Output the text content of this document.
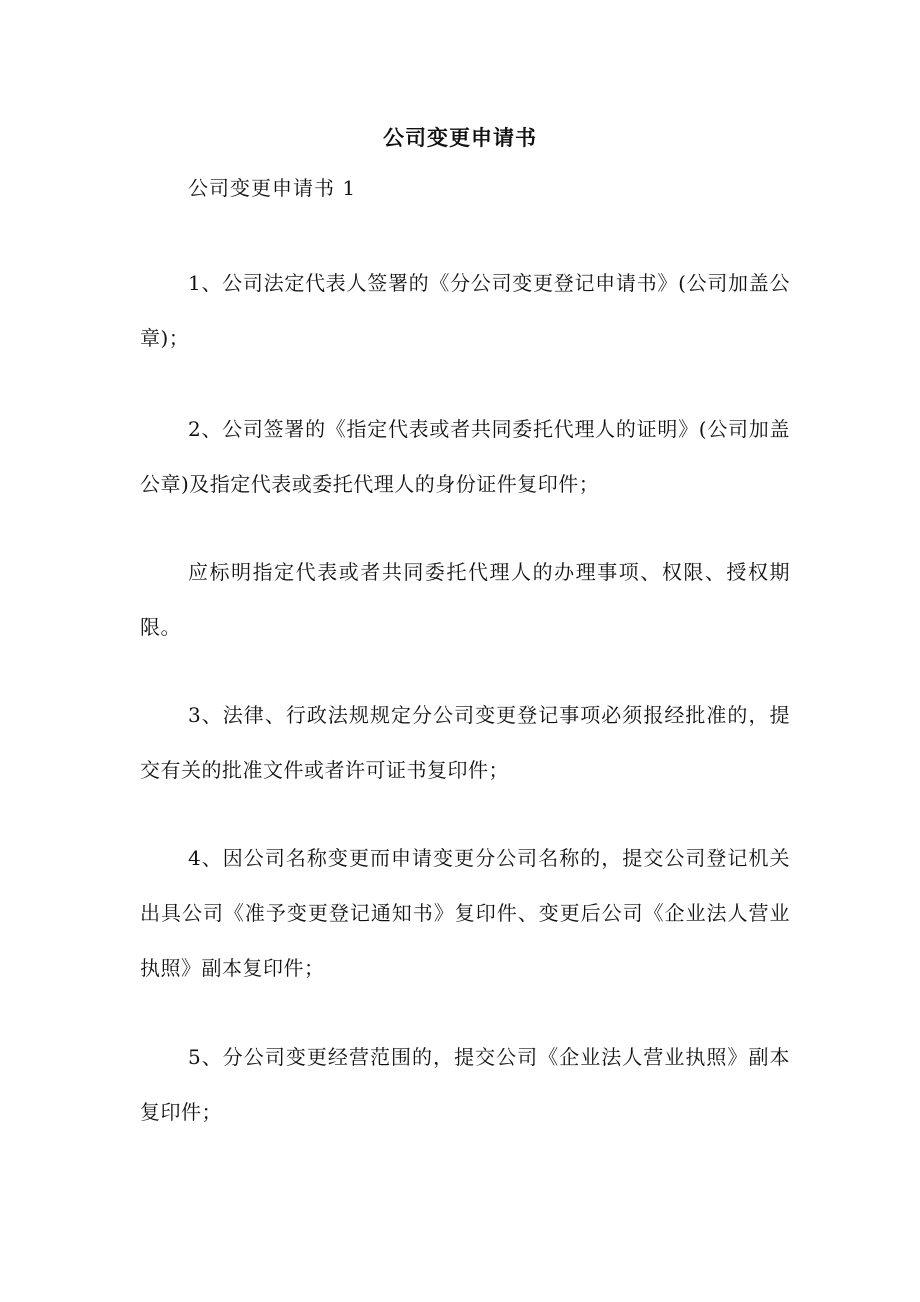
公司变更申请书

公司变更申请书 1

1、公司法定代表人签署的《分公司变更登记申请书》(公司加盖公章)；

2、公司签署的《指定代表或者共同委托代理人的证明》(公司加盖公章)及指定代表或委托代理人的身份证件复印件；

应标明指定代表或者共同委托代理人的办理事项、权限、授权期限。

3、法律、行政法规规定分公司变更登记事项必须报经批准的，提交有关的批准文件或者许可证书复印件；

4、因公司名称变更而申请变更分公司名称的，提交公司登记机关出具公司《准予变更登记通知书》复印件、变更后公司《企业法人营业执照》副本复印件；

5、分公司变更经营范围的，提交公司《企业法人营业执照》副本复印件；
